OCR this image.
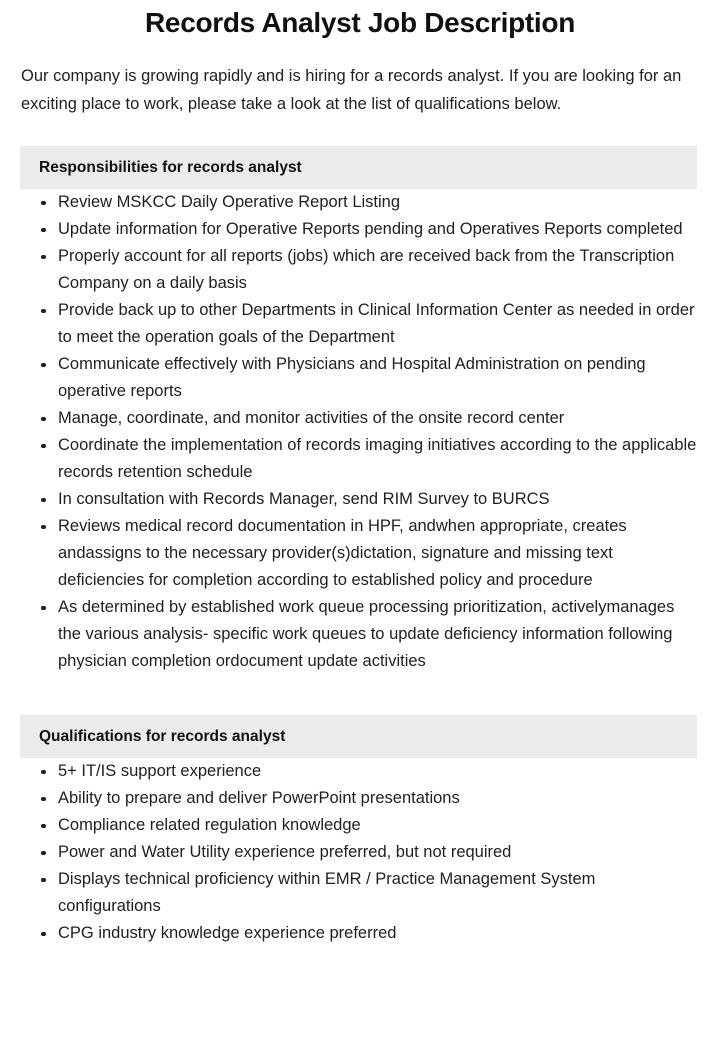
Records Analyst Job Description

Our company is growing rapidly and is hiring for a records analyst. If you are looking for an exciting place to work, please take a look at the list of qualifications below.

Responsibilities for records analyst
Review MSKCC Daily Operative Report Listing
Update information for Operative Reports pending and Operatives Reports completed
Properly account for all reports (jobs) which are received back from the Transcription Company on a daily basis
Provide back up to other Departments in Clinical Information Center as needed in order to meet the operation goals of the Department
Communicate effectively with Physicians and Hospital Administration on pending operative reports
Manage, coordinate, and monitor activities of the onsite record center
Coordinate the implementation of records imaging initiatives according to the applicable records retention schedule
In consultation with Records Manager, send RIM Survey to BURCS
Reviews medical record documentation in HPF, andwhen appropriate, creates andassigns to the necessary provider(s)dictation, signature and missing text deficiencies for completion according to established policy and procedure
As determined by established work queue processing prioritization, activelymanages the various analysis- specific work queues to update deficiency information following physician completion ordocument update activities
Qualifications for records analyst
5+ IT/IS support experience
Ability to prepare and deliver PowerPoint presentations
Compliance related regulation knowledge
Power and Water Utility experience preferred, but not required
Displays technical proficiency within EMR / Practice Management System configurations
CPG industry knowledge experience preferred
